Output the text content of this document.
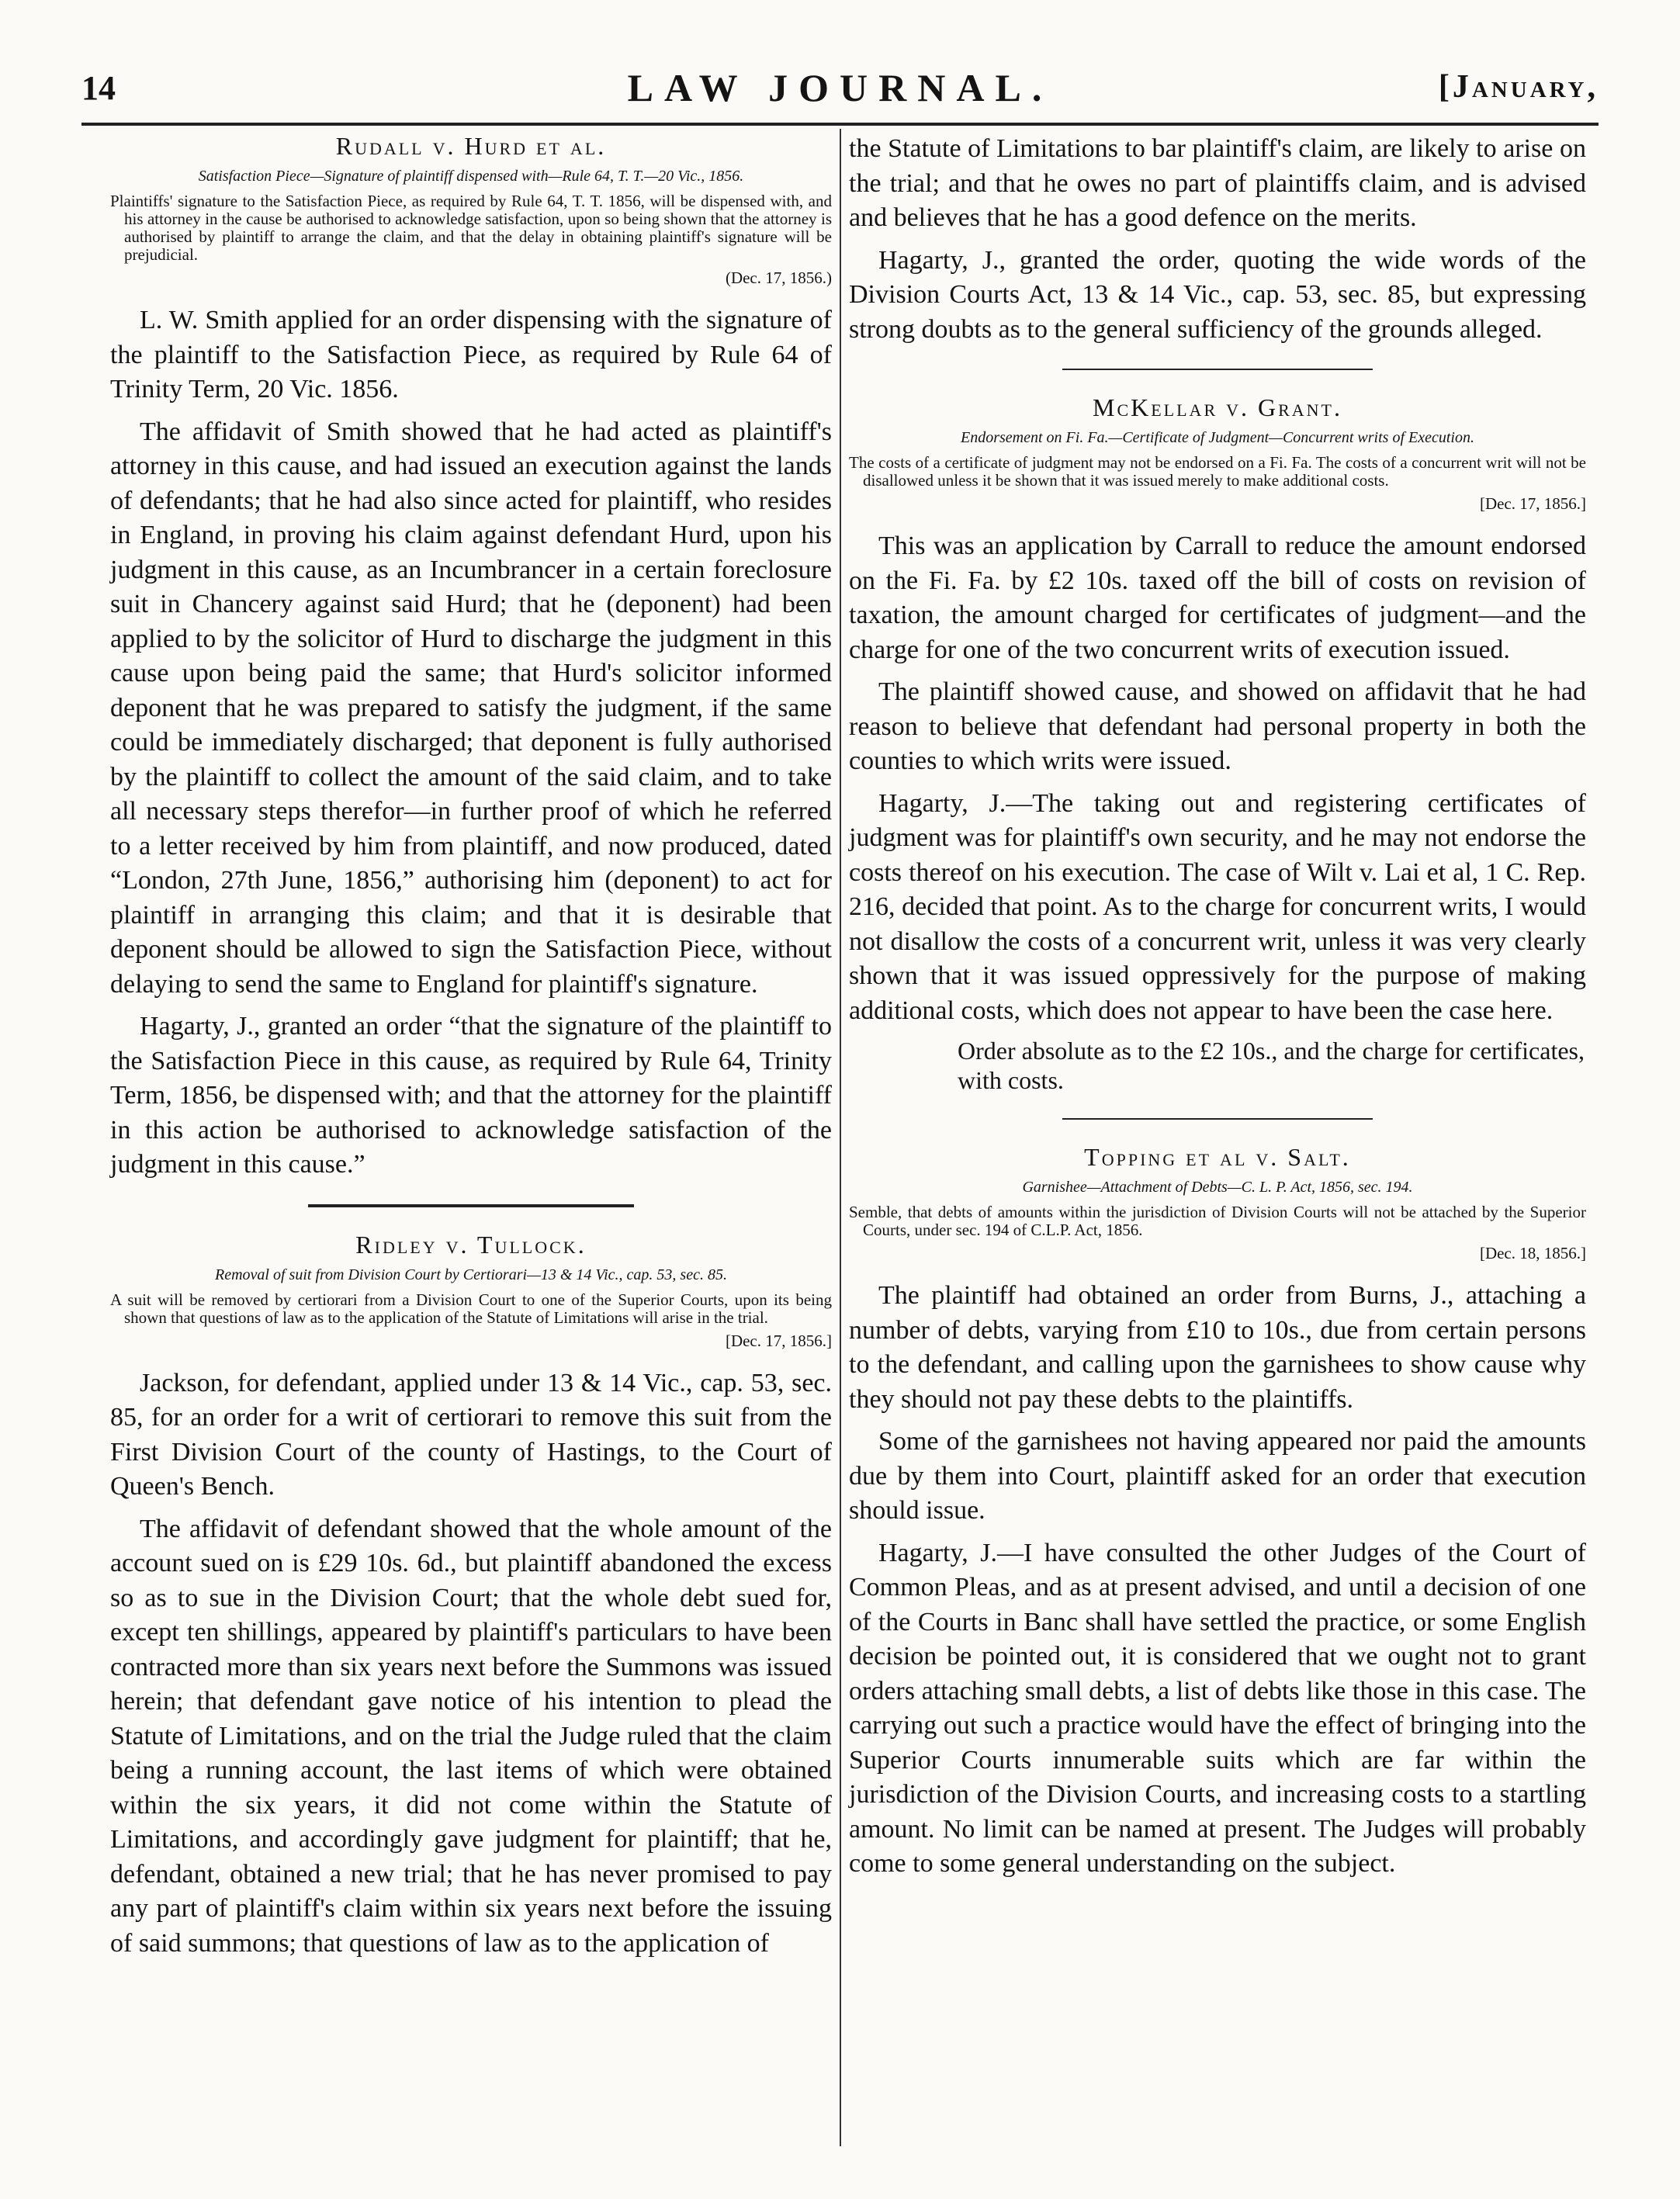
14	LAW JOURNAL.	[January,
Rudall v. Hurd et al.
Satisfaction Piece—Signature of plaintiff dispensed with—Rule 64, T. T.—20 Vic., 1856.
Plaintiffs' signature to the Satisfaction Piece, as required by Rule 64, T. T. 1856, will be dispensed with, and his attorney in the cause be authorised to acknowledge satisfaction, upon so being shown that the attorney is authorised by plaintiff to arrange the claim, and that the delay in obtaining plaintiff's signature will be prejudicial.
(Dec. 17, 1856.)

L. W. Smith applied for an order dispensing with the signature of the plaintiff to the Satisfaction Piece, as required by Rule 64 of Trinity Term, 20 Vic. 1856.

The affidavit of Smith showed that he had acted as plaintiff's attorney in this cause, and had issued an execution against the lands of defendants; that he had also since acted for plaintiff, who resides in England, in proving his claim against defendant Hurd, upon his judgment in this cause, as an Incumbrancer in a certain foreclosure suit in Chancery against said Hurd; that he (deponent) had been applied to by the solicitor of Hurd to discharge the judgment in this cause upon being paid the same; that Hurd's solicitor informed deponent that he was prepared to satisfy the judgment, if the same could be immediately discharged; that deponent is fully authorised by the plaintiff to collect the amount of the said claim, and to take all necessary steps therefor—in further proof of which he referred to a letter received by him from plaintiff, and now produced, dated “London, 27th June, 1856,” authorising him (deponent) to act for plaintiff in arranging this claim; and that it is desirable that deponent should be allowed to sign the Satisfaction Piece, without delaying to send the same to England for plaintiff's signature.

Hagarty, J., granted an order “that the signature of the plaintiff to the Satisfaction Piece in this cause, as required by Rule 64, Trinity Term, 1856, be dispensed with; and that the attorney for the plaintiff in this action be authorised to acknowledge satisfaction of the judgment in this cause.”

Ridley v. Tullock.
Removal of suit from Division Court by Certiorari—13 & 14 Vic., cap. 53, sec. 85.
A suit will be removed by certiorari from a Division Court to one of the Superior Courts, upon its being shown that questions of law as to the application of the Statute of Limitations will arise in the trial.
[Dec. 17, 1856.]

Jackson, for defendant, applied under 13 & 14 Vic., cap. 53, sec. 85, for an order for a writ of certiorari to remove this suit from the First Division Court of the county of Hastings, to the Court of Queen's Bench.

The affidavit of defendant showed that the whole amount of the account sued on is £29 10s. 6d., but plaintiff abandoned the excess so as to sue in the Division Court; that the whole debt sued for, except ten shillings, appeared by plaintiff's particulars to have been contracted more than six years next before the Summons was issued herein; that defendant gave notice of his intention to plead the Statute of Limitations, and on the trial the Judge ruled that the claim being a running account, the last items of which were obtained within the six years, it did not come within the Statute of Limitations, and accordingly gave judgment for plaintiff; that he, defendant, obtained a new trial; that he has never promised to pay any part of plaintiff's claim within six years next before the issuing of said summons; that questions of law as to the application of

the Statute of Limitations to bar plaintiff's claim, are likely to arise on the trial; and that he owes no part of plaintiffs claim, and is advised and believes that he has a good defence on the merits.

Hagarty, J., granted the order, quoting the wide words of the Division Courts Act, 13 & 14 Vic., cap. 53, sec. 85, but expressing strong doubts as to the general sufficiency of the grounds alleged.

McKellar v. Grant.
Endorsement on Fi. Fa.—Certificate of Judgment—Concurrent writs of Execution.
The costs of a certificate of judgment may not be endorsed on a Fi. Fa. The costs of a concurrent writ will not be disallowed unless it be shown that it was issued merely to make additional costs.
[Dec. 17, 1856.]

This was an application by Carrall to reduce the amount endorsed on the Fi. Fa. by £2 10s. taxed off the bill of costs on revision of taxation, the amount charged for certificates of judgment—and the charge for one of the two concurrent writs of execution issued.

The plaintiff showed cause, and showed on affidavit that he had reason to believe that defendant had personal property in both the counties to which writs were issued.

Hagarty, J.—The taking out and registering certificates of judgment was for plaintiff's own security, and he may not endorse the costs thereof on his execution. The case of Wilt v. Lai et al, 1 C. Rep. 216, decided that point. As to the charge for concurrent writs, I would not disallow the costs of a concurrent writ, unless it was very clearly shown that it was issued oppressively for the purpose of making additional costs, which does not appear to have been the case here.

Order absolute as to the £2 10s., and the charge for certificates, with costs.
Topping et al v. Salt.
Garnishee—Attachment of Debts—C. L. P. Act, 1856, sec. 194.
Semble, that debts of amounts within the jurisdiction of Division Courts will not be attached by the Superior Courts, under sec. 194 of C.L.P. Act, 1856.
[Dec. 18, 1856.]

The plaintiff had obtained an order from Burns, J., attaching a number of debts, varying from £10 to 10s., due from certain persons to the defendant, and calling upon the garnishees to show cause why they should not pay these debts to the plaintiffs.

Some of the garnishees not having appeared nor paid the amounts due by them into Court, plaintiff asked for an order that execution should issue.

Hagarty, J.—I have consulted the other Judges of the Court of Common Pleas, and as at present advised, and until a decision of one of the Courts in Banc shall have settled the practice, or some English decision be pointed out, it is considered that we ought not to grant orders attaching small debts, a list of debts like those in this case. The carrying out such a practice would have the effect of bringing into the Superior Courts innumerable suits which are far within the jurisdiction of the Division Courts, and increasing costs to a startling amount. No limit can be named at present. The Judges will probably come to some general understanding on the subject.
